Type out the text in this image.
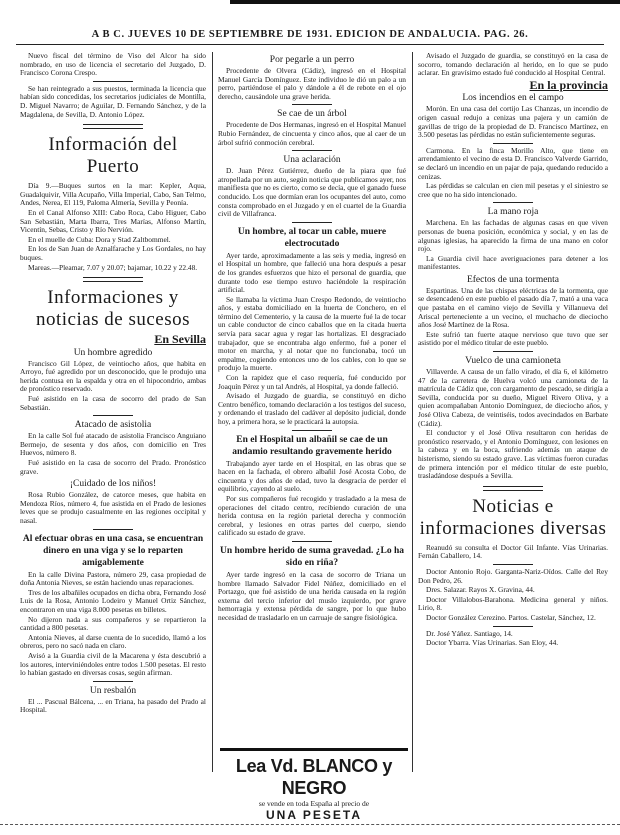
A B C. JUEVES 10 DE SEPTIEMBRE DE 1931. EDICION DE ANDALUCIA. PAG. 26.
Nuevo fiscal del término de Viso del Alcor ha sido nombrado, en uso de licencia el secretario del Juzgado, D. Francisco Corona Crespo.
Se han reintegrado a sus puestos, terminada la licencia que habían sido concedidas, los secretarios judiciales de Montilla, D. Miguel Navarro; de Aguilar, D. Fernando Sánchez, y de la Magdalena, de Sevilla, D. Antonio López.
Información del Puerto
Día 9.—Buques surtos en la mar: Kepler, Aqua, Guadalquivir, Villa Acupaño, Villa Imperial, Cabo, San Telmo, Andes, Nerea, El 119, Paloma Almería, Sevilla y Peonía.
En el Canal Alfonso XIII: Cabo Roca, Cabo Higuer, Cabo San Sebastián, Marta Ibarra, Tres Marías, Alfonso Martín, Vicentín, Sebas, Cristo y Río Nervión.
En el muelle de Cuba: Dora y Stad Zaltbommel.
En los de San Juan de Aznalfarache y Los Gordales, no hay buques.
Mareas.—Pleamar, 7.07 y 20.07; bajamar, 10.22 y 22.48.
Informaciones y noticias de sucesos
En Sevilla
Un hombre agredido
Francisco Gil López, de veintiocho años, que habita en Arroyo, fué agredido por un desconocido, que le produjo una herida contusa en la espalda y otra en el hipocondrio, ambas de pronóstico reservado.
Fué asistido en la casa de socorro del prado de San Sebastián.
Atacado de asistolia
En la calle Sol fué atacado de asistolia Francisco Anguiano Bermejo, de sesenta y dos años, con domicilio en Tres Huevos, número 8.
Fué asistido en la casa de socorro del Prado. Pronóstico grave.
¡Cuidado de los niños!
Rosa Rubio González, de catorce meses, que habita en Mendoza Ríos, número 4, fue asistida en el Prado de lesiones leves que se produjo casualmente en las regiones occipital y nasal.
Al efectuar obras en una casa, se encuentran dinero en una viga y se lo reparten amigablemente
En la calle Divina Pastora, número 29, casa propiedad de doña Antonia Nieves, se están haciendo unas reparaciones.
Tres de los albañiles ocupados en dicha obra, Fernando José Luis de la Rosa, Antonio Lodeiro y Manuel Ortiz Sánchez, encontraron en una viga 8.000 pesetas en billetes.
No dijeron nada a sus compañeros y se repartieron la cantidad a 800 pesetas.
Antonia Nieves, al darse cuenta de lo sucedido, llamó a los obreros, pero no sacó nada en claro.
Avisó a la Guardia civil de la Macarena y ésta descubrió a los autores, interviniéndoles entre todos 1.500 pesetas. El resto lo habían gastado en diversas cosas, según afirman.
Un resbalón
El ... Pascual Bálcena, ... en Triana, ha pasado del Prado al Hospital.
Por pegarle a un perro
Procedente de Olvera (Cádiz), ingresó en el Hospital Manuel García Domínguez. Este individuo le dió un palo a un perro, partiéndose el palo y dándole a él de rebote en el ojo derecho, causándole una grave herida.
Se cae de un árbol
Procedente de Dos Hermanas, ingresó en el Hospital Manuel Rubio Fernández, de cincuenta y cinco años, que al caer de un árbol sufrió conmoción cerebral.
Una aclaración
D. Juan Pérez Gutiérrez, dueño de la piara que fué atropellada por un auto, según noticia que publicamos ayer, nos manifiesta que no es cierto, como se decía, que el ganado fuese conducido. Los que dormían eran los ocupantes del auto, como consta comprobado en el Juzgado y en el cuartel de la Guardia civil de Villafranca.
Un hombre, al tocar un cable, muere electrocutado
Ayer tarde, aproximadamente a las seis y media, ingresó en el Hospital un hombre, que falleció una hora después a pesar de los grandes esfuerzos que hizo el personal de guardia, que durante todo ese tiempo estuvo haciéndole la respiración artificial.
Se llamaba la víctima Juan Crespo Redondo, de veintiocho años, y estaba domiciliado en la huerta de Conchero, en el término del Cementerio, y la causa de la muerte fué la de tocar un cable conductor de cinco caballos que en la citada huerta servía para sacar agua y regar las hortalizas. El desgraciado trabajador, que se encontraba algo enfermo, fué a poner el motor en marcha, y al notar que no funcionaba, tocó un empalme, cogiendo entonces uno de los cables, con lo que se produjo la muerte.
Con la rapidez que el caso requería, fué conducido por Joaquín Pérez y un tal Andrés, al Hospital, ya donde falleció.
Avisado el Juzgado de guardia, se constituyó en dicho Centro benéfico, tomando declaración a los testigos del suceso, y ordenando el traslado del cadáver al depósito judicial, donde hoy, a primera hora, se le practicará la autopsia.
En el Hospital un albañil se cae de un andamio resultando gravemente herido
Trabajando ayer tarde en el Hospital, en las obras que se hacen en la fachada, el obrero albañil José Acosta Cobo, de cincuenta y dos años de edad, tuvo la desgracia de perder el equilibrio, cayendo al suelo.
Por sus compañeros fué recogido y trasladado a la mesa de operaciones del citado centro, recibiendo curación de una herida contusa en la región parietal derecha y conmoción cerebral, y lesiones en otras partes del cuerpo, siendo calificado su estado de grave.
Un hombre herido de suma gravedad. ¿Lo ha sido en riña?
Ayer tarde ingresó en la casa de socorro de Triana un hombre llamado Salvador Fidel Núñez, domiciliado en el Portazgo, que fué asistido de una herida causada en la región externa del tercio inferior del muslo izquierdo, por grave hemorragia y extensa pérdida de sangre, por lo que hubo necesidad de trasladarlo en un carruaje de sangre fisiológica.
Avisado el Juzgado de guardia, se constituyó en la casa de socorro, tomando declaración al herido, en lo que se pudo aclarar. En gravísimo estado fué conducido al Hospital Central.
En la provincia
Los incendios en el campo
Morón. En una casa del cortijo Las Chanzas, un incendio de origen casual redujo a cenizas una pajera y un camión de gavillas de trigo de la propiedad de D. Francisco Martínez, en 3.500 pesetas las pérdidas no están suficientemente seguras.
Carmona. En la finca Morillo Alto, que tiene en arrendamiento el vecino de esta D. Francisco Valverde Garrido, se declaró un incendio en un pajar de paja, quedando reducido a cenizas.
Las pérdidas se calculan en cien mil pesetas y el siniestro se cree que no ha sido intencionado.
La mano roja
Marchena. En las fachadas de algunas casas en que viven personas de buena posición, económica y social, y en las de algunas iglesias, ha aparecido la firma de una mano en color rojo.
La Guardia civil hace averiguaciones para detener a los manifestantes.
Efectos de una tormenta
Espartinas. Una de las chispas eléctricas de la tormenta, que se desencadenó en este pueblo el pasado día 7, mató a una vaca que pastaba en el camino viejo de Sevilla y Villanueva del Ariscal perteneciente a un vecino, el muchacho de dieciocho años José Martínez de la Rosa.
Este sufrió tan fuerte ataque nervioso que tuvo que ser asistido por el médico titular de este pueblo.
Vuelco de una camioneta
Villaverde. A causa de un fallo virado, el día 6, el kilómetro 47 de la carretera de Huelva volcó una camioneta de la matrícula de Cádiz que, con cargamento de pescado, se dirigía a Sevilla, conducida por su dueño, Miguel Rivero Oliva, y a quien acompañaban Antonio Domínguez, de dieciocho años, y José Oliva Cabeza, de veintiséis, todos avecindados en Barbate (Cádiz).
El conductor y el José Oliva resultaron con heridas de pronóstico reservado, y el Antonio Domínguez, con lesiones en la cabeza y en la boca, sufriendo además un ataque de histerismo, siendo su estado grave. Las víctimas fueron curadas de primera intención por el médico titular de este pueblo, trasladándose después a Sevilla.
Noticias e informaciones diversas
Reanudó su consulta el Doctor Gil Infante. Vías Urinarias. Fernán Caballero, 14.
Doctor Antonio Rojo. Garganta-Nariz-Oídos. Calle del Rey Don Pedro, 26.
Dres. Salazar. Rayos X. Gravina, 44.
Doctor Villalobos-Barahona. Medicina general y niños. Lirio, 8.
Doctor González Cerezino. Partos. Castelar, Sánchez, 12.
Dr. José Yáñez. Santiago, 14.
Doctor Ybarra. Vías Urinarias. San Eloy, 44.
Lea Vd. BLANCO y NEGRO
se vende en toda España al precio de
UNA PESETA
